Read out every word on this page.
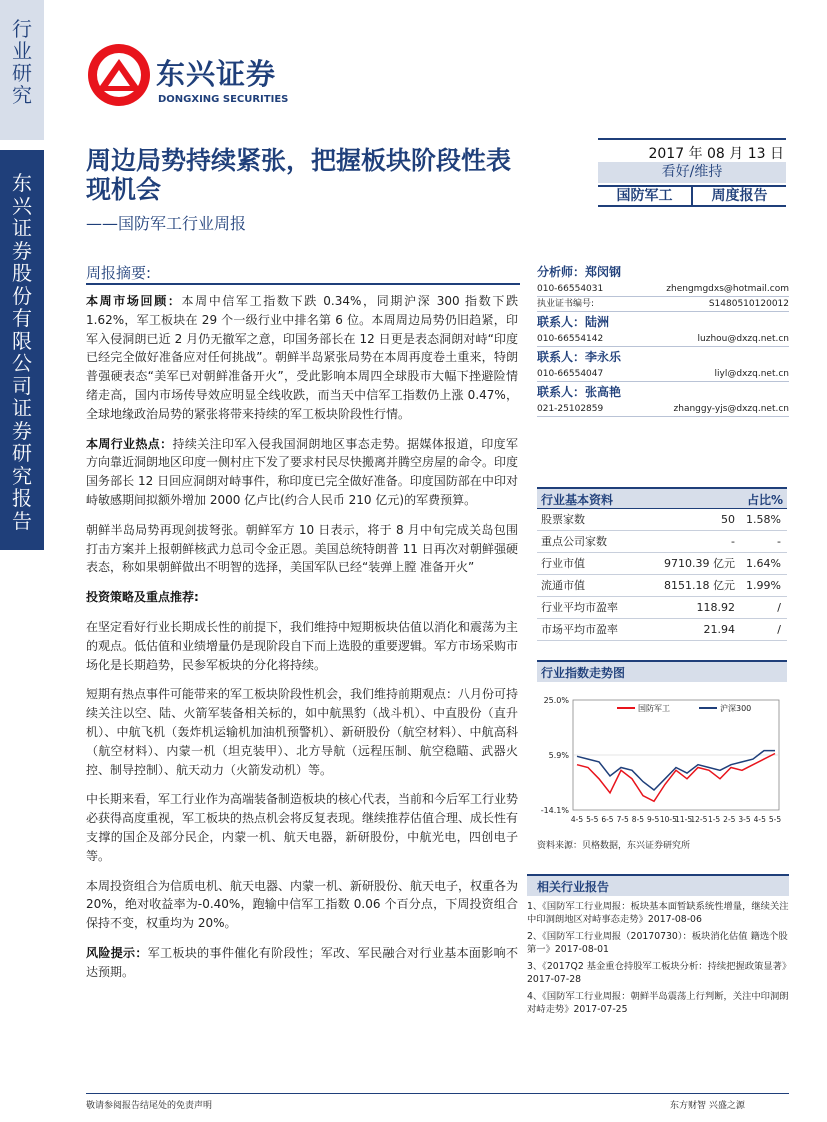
行业研究
东兴证券股份有限公司证券研究报告
东兴证券
DONGXING SECURITIES
周边局势持续紧张，把握板块阶段性表现机会
——国防军工行业周报
2017 年 08 月 13 日
看好/维持
国防军工	周度报告
周报摘要:

本周市场回顾：本周中信军工指数下跌 0.34%，同期沪深 300 指数下跌 1.62%，军工板块在 29 个一级行业中排名第 6 位。本周周边局势仍旧趋紧，印军入侵洞朗已近 2 月仍无撤军之意，印国务部长在 12 日更是表态洞朗对峙“印度已经完全做好准备应对任何挑战”。朝鲜半岛紧张局势在本周再度卷土重来，特朗普强硬表态“美军已对朝鲜准备开火”，受此影响本周四全球股市大幅下挫避险情绪走高，国内市场传导效应明显全线收跌，而当天中信军工指数仍上涨 0.47%，全球地缘政治局势的紧张将带来持续的军工板块阶段性行情。

本周行业热点：持续关注印军入侵我国洞朗地区事态走势。据媒体报道，印度军方向靠近洞朗地区印度一侧村庄下发了要求村民尽快搬离并腾空房屋的命令。印度国务部长 12 日回应洞朗对峙事件，称印度已完全做好准备。印度国防部在中印对峙敏感期间拟额外增加 2000 亿卢比(约合人民币 210 亿元)的军费预算。

朝鲜半岛局势再现剑拔弩张。朝鲜军方 10 日表示，将于 8 月中旬完成关岛包围打击方案并上报朝鲜核武力总司令金正恩。美国总统特朗普 11 日再次对朝鲜强硬表态，称如果朝鲜做出不明智的选择，美国军队已经“装弹上膛 准备开火”

投资策略及重点推荐:

在坚定看好行业长期成长性的前提下，我们维持中短期板块估值以消化和震荡为主的观点。低估值和业绩增量仍是现阶段自下而上选股的重要逻辑。军方市场采购市场化是长期趋势，民参军板块的分化将持续。

短期有热点事件可能带来的军工板块阶段性机会，我们维持前期观点：八月份可持续关注以空、陆、火箭军装备相关标的，如中航黑豹（战斗机）、中直股份（直升机）、中航飞机（轰炸机运输机加油机预警机）、新研股份（航空材料）、中航高科（航空材料）、内蒙一机（坦克装甲）、北方导航（远程压制、航空稳瞄、武器火控、制导控制）、航天动力（火箭发动机）等。

中长期来看，军工行业作为高端装备制造板块的核心代表，当前和今后军工行业势必获得高度重视，军工板块的热点机会将反复表现。继续推荐估值合理、成长性有支撑的国企及部分民企，内蒙一机、航天电器，新研股份，中航光电，四创电子等。

本周投资组合为信质电机、航天电器、内蒙一机、新研股份、航天电子，权重各为 20%，绝对收益率为-0.40%，跑输中信军工指数 0.06 个百分点，下周投资组合保持不变，权重均为 20%。

风险提示：军工板块的事件催化有阶段性；军改、军民融合对行业基本面影响不达预期。

分析师：郑闵钢
010-66554031	zhengmgdxs@hotmail.com
执业证书编号:	S1480510120012
联系人：陆洲
010-66554142	luzhou@dxzq.net.cn
联系人：李永乐
010-66554047	liyl@dxzq.net.cn
联系人：张高艳
021-25102859	zhanggy-yjs@dxzq.net.cn
行业基本资料	占比%
股票家数	50	1.58%
重点公司家数	-	-
行业市值	9710.39 亿元	1.64%
流通市值	8151.18 亿元	1.99%
行业平均市盈率	118.92	/
市场平均市盈率	21.94	/
行业指数走势图
25.0%
5.9%
-14.1%
4-5 5-5 6-5 7-5 8-5 9-5 10-5
11-5
12-5 1-5 2-5 3-5 4-5 5-5
国防军工	沪深300
资料来源：贝格数据，东兴证券研究所
相关行业报告
1、《国防军工行业周报：板块基本面暂缺系统性增量，继续关注中印洞朗地区对峙事态走势》2017-08-06
2、《国防军工行业周报（20170730）：板块消化估值 籍选个股第一》2017-08-01
3、《2017Q2 基金重仓持股军工板块分析：持续把握政策显著》2017-07-28
4、《国防军工行业周报：朝鲜半岛震荡上行判断，关注中印洞朗对峙走势》2017-07-25
敬请参阅报告结尾处的免责声明	东方财智 兴盛之源
